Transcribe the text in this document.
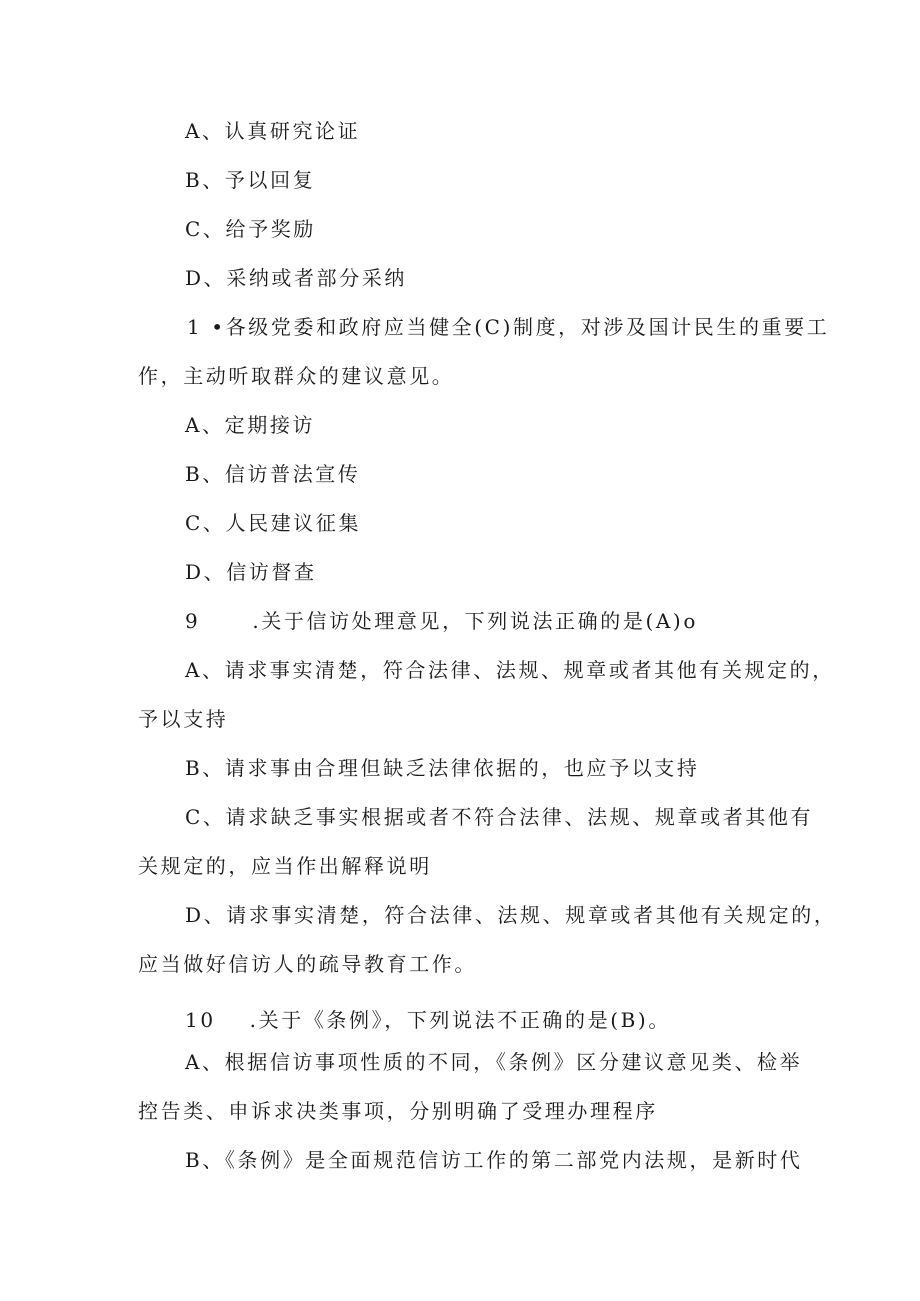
A、认真研究论证
B、予以回复
C、给予奖励
D、采纳或者部分采纳
1 •各级党委和政府应当健全(C)制度，对涉及国计民生的重要工
作，主动听取群众的建议意见。
A、定期接访
B、信访普法宣传
C、人民建议征集
D、信访督查
9	.关于信访处理意见，下列说法正确的是(A)o
A、请求事实清楚，符合法律、法规、规章或者其他有关规定的，
予以支持
B、请求事由合理但缺乏法律依据的，也应予以支持
C、请求缺乏事实根据或者不符合法律、法规、规章或者其他有
关规定的，应当作出解释说明
D、请求事实清楚，符合法律、法规、规章或者其他有关规定的，
应当做好信访人的疏导教育工作。
10 .关于《条例》，下列说法不正确的是(B)。
A、根据信访事项性质的不同，《条例》区分建议意见类、检举
控告类、申诉求决类事项，分别明确了受理办理程序
B、《条例》是全面规范信访工作的第二部党内法规，是新时代
